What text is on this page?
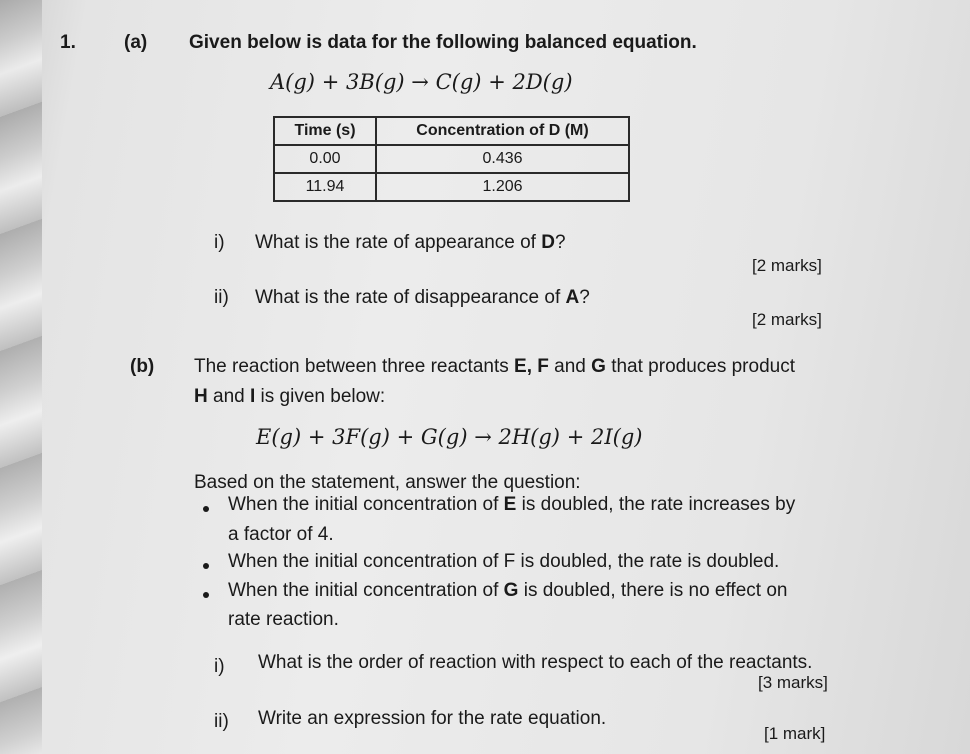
1.	(a) Given below is data for the following balanced equation.
A(g) + 3B(g) → C(g) + 2D(g)
Time (s)	Concentration of D (M)
0.00	0.436
11.94	1.206
i) What is the rate of appearance of D?
[2 marks]
ii) What is the rate of disappearance of A?
[2 marks]
(b) The reaction between three reactants E, F and G that produces product
H and I is given below:
E(g) + 3F(g) + G(g) → 2H(g) + 2I(g)
Based on the statement, answer the question:
When the initial concentration of E is doubled, the rate increases by
a factor of 4.
When the initial concentration of F is doubled, the rate is doubled.
When the initial concentration of G is doubled, there is no effect on
rate reaction.
i) What is the order of reaction with respect to each of the reactants.
[3 marks]
ii) Write an expression for the rate equation.
[1 mark]
